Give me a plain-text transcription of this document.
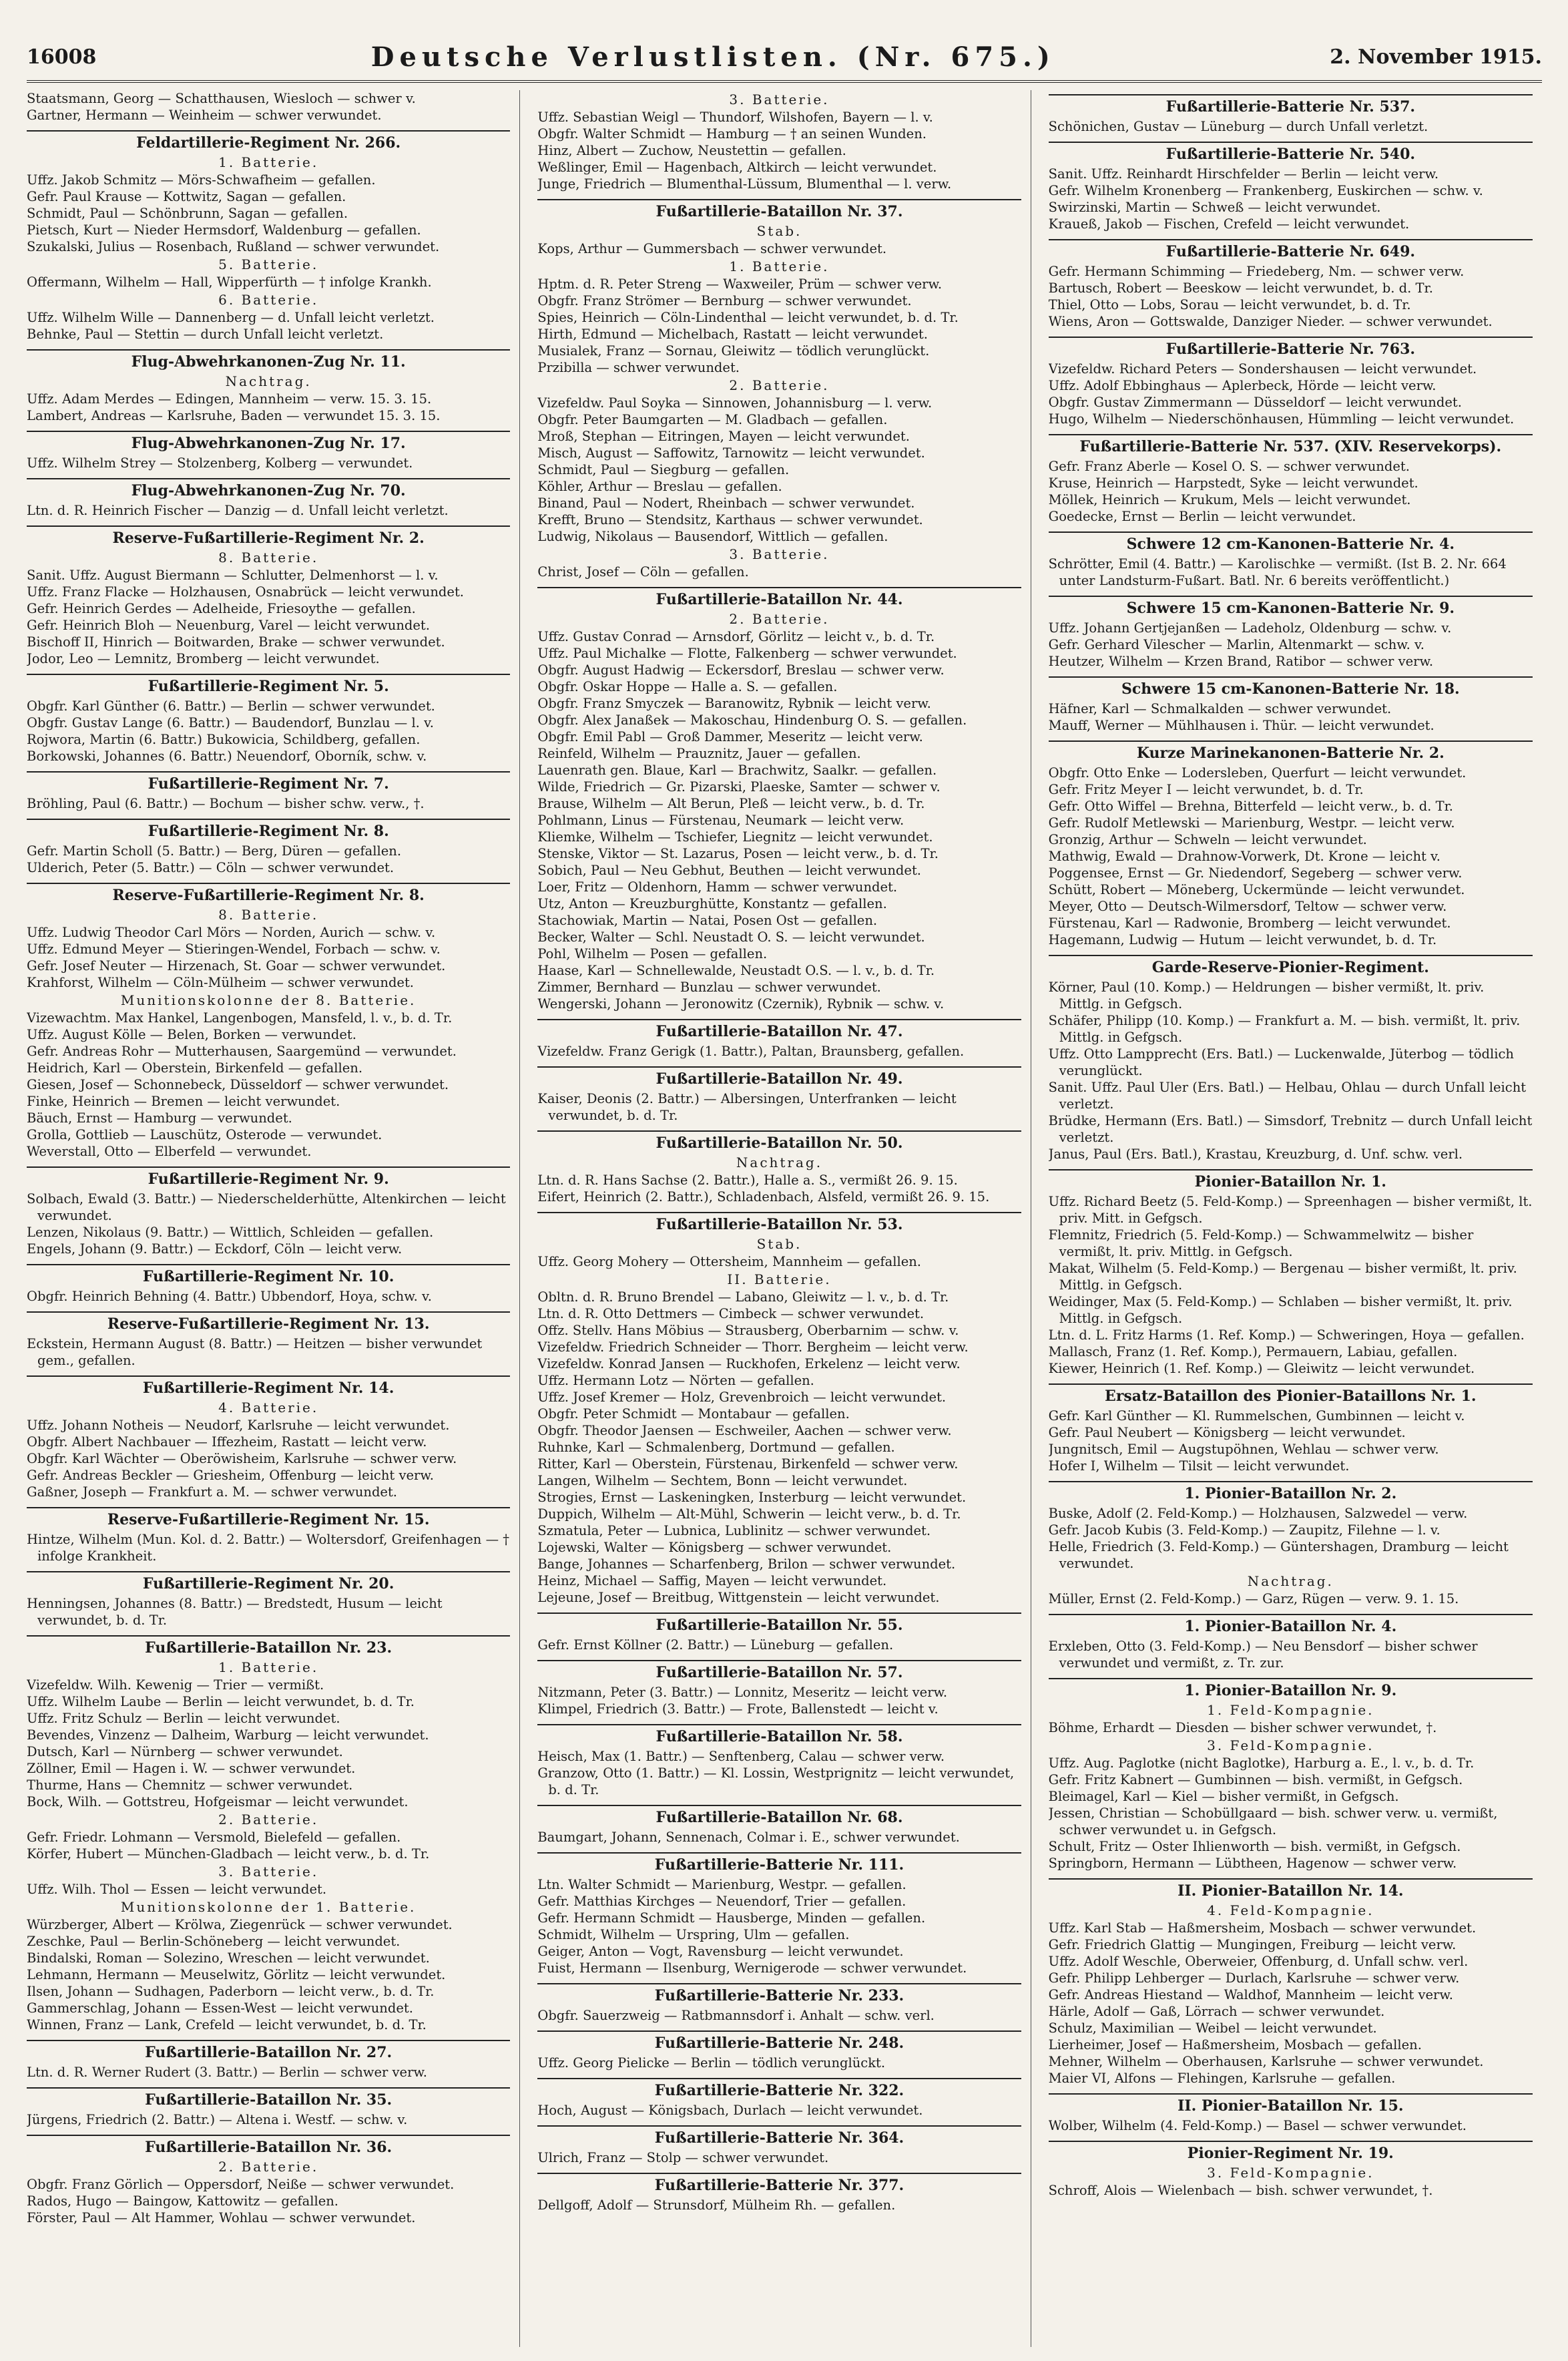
16008	Deutsche Verlustlisten. (Nr. 675.)	2. November 1915.

Staatsmann, Georg — Schatthausen, Wiesloch — schwer v.

Gartner, Hermann — Weinheim — schwer verwundet.

Feldartillerie-Regiment Nr. 266.
1. Batterie.

Uffz. Jakob Schmitz — Mörs-Schwafheim — gefallen.

Gefr. Paul Krause — Kottwitz, Sagan — gefallen.

Schmidt, Paul — Schönbrunn, Sagan — gefallen.

Pietsch, Kurt — Nieder Hermsdorf, Waldenburg — gefallen.

Szukalski, Julius — Rosenbach, Rußland — schwer verwundet.

5. Batterie.

Offermann, Wilhelm — Hall, Wipperfürth — † infolge Krankh.

6. Batterie.

Uffz. Wilhelm Wille — Dannenberg — d. Unfall leicht verletzt.

Behnke, Paul — Stettin — durch Unfall leicht verletzt.

Flug-Abwehrkanonen-Zug Nr. 11.
Nachtrag.

Uffz. Adam Merdes — Edingen, Mannheim — verw. 15. 3. 15.

Lambert, Andreas — Karlsruhe, Baden — verwundet 15. 3. 15.

Flug-Abwehrkanonen-Zug Nr. 17.

Uffz. Wilhelm Strey — Stolzenberg, Kolberg — verwundet.

Flug-Abwehrkanonen-Zug Nr. 70.

Ltn. d. R. Heinrich Fischer — Danzig — d. Unfall leicht verletzt.

Reserve-Fußartillerie-Regiment Nr. 2.
8. Batterie.

Sanit. Uffz. August Biermann — Schlutter, Delmenhorst — l. v.

Uffz. Franz Flacke — Holzhausen, Osnabrück — leicht verwundet.

Gefr. Heinrich Gerdes — Adelheide, Friesoythe — gefallen.

Gefr. Heinrich Bloh — Neuenburg, Varel — leicht verwundet.

Bischoff II, Hinrich — Boitwarden, Brake — schwer verwundet.

Jodor, Leo — Lemnitz, Bromberg — leicht verwundet.

Fußartillerie-Regiment Nr. 5.

Obgfr. Karl Günther (6. Battr.) — Berlin — schwer verwundet.

Obgfr. Gustav Lange (6. Battr.) — Baudendorf, Bunzlau — l. v.

Rojwora, Martin (6. Battr.) Bukowicia, Schildberg, gefallen.

Borkowski, Johannes (6. Battr.) Neuendorf, Oborník, schw. v.

Fußartillerie-Regiment Nr. 7.

Bröhling, Paul (6. Battr.) — Bochum — bisher schw. verw., †.

Fußartillerie-Regiment Nr. 8.

Gefr. Martin Scholl (5. Battr.) — Berg, Düren — gefallen.

Ulderich, Peter (5. Battr.) — Cöln — schwer verwundet.

Reserve-Fußartillerie-Regiment Nr. 8.
8. Batterie.

Uffz. Ludwig Theodor Carl Mörs — Norden, Aurich — schw. v.

Uffz. Edmund Meyer — Stieringen-Wendel, Forbach — schw. v.

Gefr. Josef Neuter — Hirzenach, St. Goar — schwer verwundet.

Krahforst, Wilhelm — Cöln-Mülheim — schwer verwundet.

Munitionskolonne der 8. Batterie.

Vizewachtm. Max Hankel, Langenbogen, Mansfeld, l. v., b. d. Tr.

Uffz. August Kölle — Belen, Borken — verwundet.

Gefr. Andreas Rohr — Mutterhausen, Saargemünd — verwundet.

Heidrich, Karl — Oberstein, Birkenfeld — gefallen.

Giesen, Josef — Schonnebeck, Düsseldorf — schwer verwundet.

Finke, Heinrich — Bremen — leicht verwundet.

Bäuch, Ernst — Hamburg — verwundet.

Grolla, Gottlieb — Lauschütz, Osterode — verwundet.

Weverstall, Otto — Elberfeld — verwundet.

Fußartillerie-Regiment Nr. 9.

Solbach, Ewald (3. Battr.) — Niederschelderhütte, Altenkirchen — leicht verwundet.

Lenzen, Nikolaus (9. Battr.) — Wittlich, Schleiden — gefallen.

Engels, Johann (9. Battr.) — Eckdorf, Cöln — leicht verw.

Fußartillerie-Regiment Nr. 10.

Obgfr. Heinrich Behning (4. Battr.) Ubbendorf, Hoya, schw. v.

Reserve-Fußartillerie-Regiment Nr. 13.

Eckstein, Hermann August (8. Battr.) — Heitzen — bisher verwundet gem., gefallen.

Fußartillerie-Regiment Nr. 14.
4. Batterie.

Uffz. Johann Notheis — Neudorf, Karlsruhe — leicht verwundet.

Obgfr. Albert Nachbauer — Iffezheim, Rastatt — leicht verw.

Obgfr. Karl Wächter — Oberöwisheim, Karlsruhe — schwer verw.

Gefr. Andreas Beckler — Griesheim, Offenburg — leicht verw.

Gaßner, Joseph — Frankfurt a. M. — schwer verwundet.

Reserve-Fußartillerie-Regiment Nr. 15.

Hintze, Wilhelm (Mun. Kol. d. 2. Battr.) — Woltersdorf, Greifenhagen — † infolge Krankheit.

Fußartillerie-Regiment Nr. 20.

Henningsen, Johannes (8. Battr.) — Bredstedt, Husum — leicht verwundet, b. d. Tr.

Fußartillerie-Bataillon Nr. 23.
1. Batterie.

Vizefeldw. Wilh. Kewenig — Trier — vermißt.

Uffz. Wilhelm Laube — Berlin — leicht verwundet, b. d. Tr.

Uffz. Fritz Schulz — Berlin — leicht verwundet.

Bevendes, Vinzenz — Dalheim, Warburg — leicht verwundet.

Dutsch, Karl — Nürnberg — schwer verwundet.

Zöllner, Emil — Hagen i. W. — schwer verwundet.

Thurme, Hans — Chemnitz — schwer verwundet.

Bock, Wilh. — Gottstreu, Hofgeismar — leicht verwundet.

2. Batterie.

Gefr. Friedr. Lohmann — Versmold, Bielefeld — gefallen.

Körfer, Hubert — München-Gladbach — leicht verw., b. d. Tr.

3. Batterie.

Uffz. Wilh. Thol — Essen — leicht verwundet.

Munitionskolonne der 1. Batterie.

Würzberger, Albert — Krölwa, Ziegenrück — schwer verwundet.

Zeschke, Paul — Berlin-Schöneberg — leicht verwundet.

Bindalski, Roman — Solezino, Wreschen — leicht verwundet.

Lehmann, Hermann — Meuselwitz, Görlitz — leicht verwundet.

Ilsen, Johann — Sudhagen, Paderborn — leicht verw., b. d. Tr.

Gammerschlag, Johann — Essen-West — leicht verwundet.

Winnen, Franz — Lank, Crefeld — leicht verwundet, b. d. Tr.

Fußartillerie-Bataillon Nr. 27.

Ltn. d. R. Werner Rudert (3. Battr.) — Berlin — schwer verw.

Fußartillerie-Bataillon Nr. 35.

Jürgens, Friedrich (2. Battr.) — Altena i. Westf. — schw. v.

Fußartillerie-Bataillon Nr. 36.
2. Batterie.

Obgfr. Franz Görlich — Oppersdorf, Neiße — schwer verwundet.

Rados, Hugo — Baingow, Kattowitz — gefallen.

Förster, Paul — Alt Hammer, Wohlau — schwer verwundet.

3. Batterie.

Uffz. Sebastian Weigl — Thundorf, Wilshofen, Bayern — l. v.

Obgfr. Walter Schmidt — Hamburg — † an seinen Wunden.

Hinz, Albert — Zuchow, Neustettin — gefallen.

Weßlinger, Emil — Hagenbach, Altkirch — leicht verwundet.

Junge, Friedrich — Blumenthal-Lüssum, Blumenthal — l. verw.

Fußartillerie-Bataillon Nr. 37.
Stab.

Kops, Arthur — Gummersbach — schwer verwundet.

1. Batterie.

Hptm. d. R. Peter Streng — Waxweiler, Prüm — schwer verw.

Obgfr. Franz Strömer — Bernburg — schwer verwundet.

Spies, Heinrich — Cöln-Lindenthal — leicht verwundet, b. d. Tr.

Hirth, Edmund — Michelbach, Rastatt — leicht verwundet.

Musialek, Franz — Sornau, Gleiwitz — tödlich verunglückt.

Przibilla — schwer verwundet.

2. Batterie.

Vizefeldw. Paul Soyka — Sinnowen, Johannisburg — l. verw.

Obgfr. Peter Baumgarten — M. Gladbach — gefallen.

Mroß, Stephan — Eitringen, Mayen — leicht verwundet.

Misch, August — Saffowitz, Tarnowitz — leicht verwundet.

Schmidt, Paul — Siegburg — gefallen.

Köhler, Arthur — Breslau — gefallen.

Binand, Paul — Nodert, Rheinbach — schwer verwundet.

Krefft, Bruno — Stendsitz, Karthaus — schwer verwundet.

Ludwig, Nikolaus — Bausendorf, Wittlich — gefallen.

3. Batterie.

Christ, Josef — Cöln — gefallen.

Fußartillerie-Bataillon Nr. 44.
2. Batterie.

Uffz. Gustav Conrad — Arnsdorf, Görlitz — leicht v., b. d. Tr.

Uffz. Paul Michalke — Flotte, Falkenberg — schwer verwundet.

Obgfr. August Hadwig — Eckersdorf, Breslau — schwer verw.

Obgfr. Oskar Hoppe — Halle a. S. — gefallen.

Obgfr. Franz Smyczek — Baranowitz, Rybnik — leicht verw.

Obgfr. Alex Janaßek — Makoschau, Hindenburg O. S. — gefallen.

Obgfr. Emil Pabl — Groß Dammer, Meseritz — leicht verw.

Reinfeld, Wilhelm — Prauznitz, Jauer — gefallen.

Lauenrath gen. Blaue, Karl — Brachwitz, Saalkr. — gefallen.

Wilde, Friedrich — Gr. Pizarski, Plaeske, Samter — schwer v.

Brause, Wilhelm — Alt Berun, Pleß — leicht verw., b. d. Tr.

Pohlmann, Linus — Fürstenau, Neumark — leicht verw.

Kliemke, Wilhelm — Tschiefer, Liegnitz — leicht verwundet.

Stenske, Viktor — St. Lazarus, Posen — leicht verw., b. d. Tr.

Sobich, Paul — Neu Gebhut, Beuthen — leicht verwundet.

Loer, Fritz — Oldenhorn, Hamm — schwer verwundet.

Utz, Anton — Kreuzburghütte, Konstantz — gefallen.

Stachowiak, Martin — Natai, Posen Ost — gefallen.

Becker, Walter — Schl. Neustadt O. S. — leicht verwundet.

Pohl, Wilhelm — Posen — gefallen.

Haase, Karl — Schnellewalde, Neustadt O.S. — l. v., b. d. Tr.

Zimmer, Bernhard — Bunzlau — schwer verwundet.

Wengerski, Johann — Jeronowitz (Czernik), Rybnik — schw. v.

Fußartillerie-Bataillon Nr. 47.

Vizefeldw. Franz Gerigk (1. Battr.), Paltan, Braunsberg, gefallen.

Fußartillerie-Bataillon Nr. 49.

Kaiser, Deonis (2. Battr.) — Albersingen, Unterfranken — leicht verwundet, b. d. Tr.

Fußartillerie-Bataillon Nr. 50.
Nachtrag.

Ltn. d. R. Hans Sachse (2. Battr.), Halle a. S., vermißt 26. 9. 15.

Eifert, Heinrich (2. Battr.), Schladenbach, Alsfeld, vermißt 26. 9. 15.

Fußartillerie-Bataillon Nr. 53.
Stab.

Uffz. Georg Mohery — Ottersheim, Mannheim — gefallen.

II. Batterie.

Obltn. d. R. Bruno Brendel — Labano, Gleiwitz — l. v., b. d. Tr.

Ltn. d. R. Otto Dettmers — Cimbeck — schwer verwundet.

Offz. Stellv. Hans Möbius — Strausberg, Oberbarnim — schw. v.

Vizefeldw. Friedrich Schneider — Thorr. Bergheim — leicht verw.

Vizefeldw. Konrad Jansen — Ruckhofen, Erkelenz — leicht verw.

Uffz. Hermann Lotz — Nörten — gefallen.

Uffz. Josef Kremer — Holz, Grevenbroich — leicht verwundet.

Obgfr. Peter Schmidt — Montabaur — gefallen.

Obgfr. Theodor Jaensen — Eschweiler, Aachen — schwer verw.

Ruhnke, Karl — Schmalenberg, Dortmund — gefallen.

Ritter, Karl — Oberstein, Fürstenau, Birkenfeld — schwer verw.

Langen, Wilhelm — Sechtem, Bonn — leicht verwundet.

Strogies, Ernst — Laskeningken, Insterburg — leicht verwundet.

Duppich, Wilhelm — Alt-Mühl, Schwerin — leicht verw., b. d. Tr.

Szmatula, Peter — Lubnica, Lublinitz — schwer verwundet.

Lojewski, Walter — Königsberg — schwer verwundet.

Bange, Johannes — Scharfenberg, Brilon — schwer verwundet.

Heinz, Michael — Saffig, Mayen — leicht verwundet.

Lejeune, Josef — Breitbug, Wittgenstein — leicht verwundet.

Fußartillerie-Bataillon Nr. 55.

Gefr. Ernst Köllner (2. Battr.) — Lüneburg — gefallen.

Fußartillerie-Bataillon Nr. 57.

Nitzmann, Peter (3. Battr.) — Lonnitz, Meseritz — leicht verw.

Klimpel, Friedrich (3. Battr.) — Frote, Ballenstedt — leicht v.

Fußartillerie-Bataillon Nr. 58.

Heisch, Max (1. Battr.) — Senftenberg, Calau — schwer verw.

Granzow, Otto (1. Battr.) — Kl. Lossin, Westprignitz — leicht verwundet, b. d. Tr.

Fußartillerie-Bataillon Nr. 68.

Baumgart, Johann, Sennenach, Colmar i. E., schwer verwundet.

Fußartillerie-Batterie Nr. 111.

Ltn. Walter Schmidt — Marienburg, Westpr. — gefallen.

Gefr. Matthias Kirchges — Neuendorf, Trier — gefallen.

Gefr. Hermann Schmidt — Hausberge, Minden — gefallen.

Schmidt, Wilhelm — Urspring, Ulm — gefallen.

Geiger, Anton — Vogt, Ravensburg — leicht verwundet.

Fuist, Hermann — Ilsenburg, Wernigerode — schwer verwundet.

Fußartillerie-Batterie Nr. 233.

Obgfr. Sauerzweig — Ratbmannsdorf i. Anhalt — schw. verl.

Fußartillerie-Batterie Nr. 248.

Uffz. Georg Pielicke — Berlin — tödlich verunglückt.

Fußartillerie-Batterie Nr. 322.

Hoch, August — Königsbach, Durlach — leicht verwundet.

Fußartillerie-Batterie Nr. 364.

Ulrich, Franz — Stolp — schwer verwundet.

Fußartillerie-Batterie Nr. 377.

Dellgoff, Adolf — Strunsdorf, Mülheim Rh. — gefallen.

Fußartillerie-Batterie Nr. 537.

Schönichen, Gustav — Lüneburg — durch Unfall verletzt.

Fußartillerie-Batterie Nr. 540.

Sanit. Uffz. Reinhardt Hirschfelder — Berlin — leicht verw.

Gefr. Wilhelm Kronenberg — Frankenberg, Euskirchen — schw. v.

Swirzinski, Martin — Schweß — leicht verwundet.

Kraueß, Jakob — Fischen, Crefeld — leicht verwundet.

Fußartillerie-Batterie Nr. 649.

Gefr. Hermann Schimming — Friedeberg, Nm. — schwer verw.

Bartusch, Robert — Beeskow — leicht verwundet, b. d. Tr.

Thiel, Otto — Lobs, Sorau — leicht verwundet, b. d. Tr.

Wiens, Aron — Gottswalde, Danziger Nieder. — schwer verwundet.

Fußartillerie-Batterie Nr. 763.

Vizefeldw. Richard Peters — Sondershausen — leicht verwundet.

Uffz. Adolf Ebbinghaus — Aplerbeck, Hörde — leicht verw.

Obgfr. Gustav Zimmermann — Düsseldorf — leicht verwundet.

Hugo, Wilhelm — Niederschönhausen, Hümmling — leicht verwundet.

Fußartillerie-Batterie Nr. 537. (XIV. Reservekorps).

Gefr. Franz Aberle — Kosel O. S. — schwer verwundet.

Kruse, Heinrich — Harpstedt, Syke — leicht verwundet.

Möllek, Heinrich — Krukum, Mels — leicht verwundet.

Goedecke, Ernst — Berlin — leicht verwundet.

Schwere 12 cm-Kanonen-Batterie Nr. 4.

Schrötter, Emil (4. Battr.) — Karolischke — vermißt. (Ist B. 2. Nr. 664 unter Landsturm-Fußart. Batl. Nr. 6 bereits veröffentlicht.)

Schwere 15 cm-Kanonen-Batterie Nr. 9.

Uffz. Johann Gertjejanßen — Ladeholz, Oldenburg — schw. v.

Gefr. Gerhard Vilescher — Marlin, Altenmarkt — schw. v.

Heutzer, Wilhelm — Krzen Brand, Ratibor — schwer verw.

Schwere 15 cm-Kanonen-Batterie Nr. 18.

Häfner, Karl — Schmalkalden — schwer verwundet.

Mauff, Werner — Mühlhausen i. Thür. — leicht verwundet.

Kurze Marinekanonen-Batterie Nr. 2.

Obgfr. Otto Enke — Lodersleben, Querfurt — leicht verwundet.

Gefr. Fritz Meyer I — leicht verwundet, b. d. Tr.

Gefr. Otto Wiffel — Brehna, Bitterfeld — leicht verw., b. d. Tr.

Gefr. Rudolf Metlewski — Marienburg, Westpr. — leicht verw.

Gronzig, Arthur — Schweln — leicht verwundet.

Mathwig, Ewald — Drahnow-Vorwerk, Dt. Krone — leicht v.

Poggensee, Ernst — Gr. Niedendorf, Segeberg — schwer verw.

Schütt, Robert — Möneberg, Uckermünde — leicht verwundet.

Meyer, Otto — Deutsch-Wilmersdorf, Teltow — schwer verw.

Fürstenau, Karl — Radwonie, Bromberg — leicht verwundet.

Hagemann, Ludwig — Hutum — leicht verwundet, b. d. Tr.

Garde-Reserve-Pionier-Regiment.

Körner, Paul (10. Komp.) — Heldrungen — bisher vermißt, lt. priv. Mittlg. in Gefgsch.

Schäfer, Philipp (10. Komp.) — Frankfurt a. M. — bish. vermißt, lt. priv. Mittlg. in Gefgsch.

Uffz. Otto Lampprecht (Ers. Batl.) — Luckenwalde, Jüterbog — tödlich verunglückt.

Sanit. Uffz. Paul Uler (Ers. Batl.) — Helbau, Ohlau — durch Unfall leicht verletzt.

Brüdke, Hermann (Ers. Batl.) — Simsdorf, Trebnitz — durch Unfall leicht verletzt.

Janus, Paul (Ers. Batl.), Krastau, Kreuzburg, d. Unf. schw. verl.

Pionier-Bataillon Nr. 1.

Uffz. Richard Beetz (5. Feld-Komp.) — Spreenhagen — bisher vermißt, lt. priv. Mitt. in Gefgsch.

Flemnitz, Friedrich (5. Feld-Komp.) — Schwammelwitz — bisher vermißt, lt. priv. Mittlg. in Gefgsch.

Makat, Wilhelm (5. Feld-Komp.) — Bergenau — bisher vermißt, lt. priv. Mittlg. in Gefgsch.

Weidinger, Max (5. Feld-Komp.) — Schlaben — bisher vermißt, lt. priv. Mittlg. in Gefgsch.

Ltn. d. L. Fritz Harms (1. Ref. Komp.) — Schweringen, Hoya — gefallen.

Mallasch, Franz (1. Ref. Komp.), Permauern, Labiau, gefallen.

Kiewer, Heinrich (1. Ref. Komp.) — Gleiwitz — leicht verwundet.

Ersatz-Bataillon des Pionier-Bataillons Nr. 1.

Gefr. Karl Günther — Kl. Rummelschen, Gumbinnen — leicht v.

Gefr. Paul Neubert — Königsberg — leicht verwundet.

Jungnitsch, Emil — Augstupöhnen, Wehlau — schwer verw.

Hofer I, Wilhelm — Tilsit — leicht verwundet.

1. Pionier-Bataillon Nr. 2.

Buske, Adolf (2. Feld-Komp.) — Holzhausen, Salzwedel — verw.

Gefr. Jacob Kubis (3. Feld-Komp.) — Zaupitz, Filehne — l. v.

Helle, Friedrich (3. Feld-Komp.) — Güntershagen, Dramburg — leicht verwundet.

Nachtrag.

Müller, Ernst (2. Feld-Komp.) — Garz, Rügen — verw. 9. 1. 15.

1. Pionier-Bataillon Nr. 4.

Erxleben, Otto (3. Feld-Komp.) — Neu Bensdorf — bisher schwer verwundet und vermißt, z. Tr. zur.

1. Pionier-Bataillon Nr. 9.
1. Feld-Kompagnie.

Böhme, Erhardt — Diesden — bisher schwer verwundet, †.

3. Feld-Kompagnie.

Uffz. Aug. Paglotke (nicht Baglotke), Harburg a. E., l. v., b. d. Tr.

Gefr. Fritz Kabnert — Gumbinnen — bish. vermißt, in Gefgsch.

Bleimagel, Karl — Kiel — bisher vermißt, in Gefgsch.

Jessen, Christian — Schobüllgaard — bish. schwer verw. u. vermißt, schwer verwundet u. in Gefgsch.

Schult, Fritz — Oster Ihlienworth — bish. vermißt, in Gefgsch.

Springborn, Hermann — Lübtheen, Hagenow — schwer verw.

II. Pionier-Bataillon Nr. 14.
4. Feld-Kompagnie.

Uffz. Karl Stab — Haßmersheim, Mosbach — schwer verwundet.

Gefr. Friedrich Glattig — Mungingen, Freiburg — leicht verw.

Uffz. Adolf Weschle, Oberweier, Offenburg, d. Unfall schw. verl.

Gefr. Philipp Lehberger — Durlach, Karlsruhe — schwer verw.

Gefr. Andreas Hiestand — Waldhof, Mannheim — leicht verw.

Härle, Adolf — Gaß, Lörrach — schwer verwundet.

Schulz, Maximilian — Weibel — leicht verwundet.

Lierheimer, Josef — Haßmersheim, Mosbach — gefallen.

Mehner, Wilhelm — Oberhausen, Karlsruhe — schwer verwundet.

Maier VI, Alfons — Flehingen, Karlsruhe — gefallen.

II. Pionier-Bataillon Nr. 15.

Wolber, Wilhelm (4. Feld-Komp.) — Basel — schwer verwundet.

Pionier-Regiment Nr. 19.
3. Feld-Kompagnie.

Schroff, Alois — Wielenbach — bish. schwer verwundet, †.
